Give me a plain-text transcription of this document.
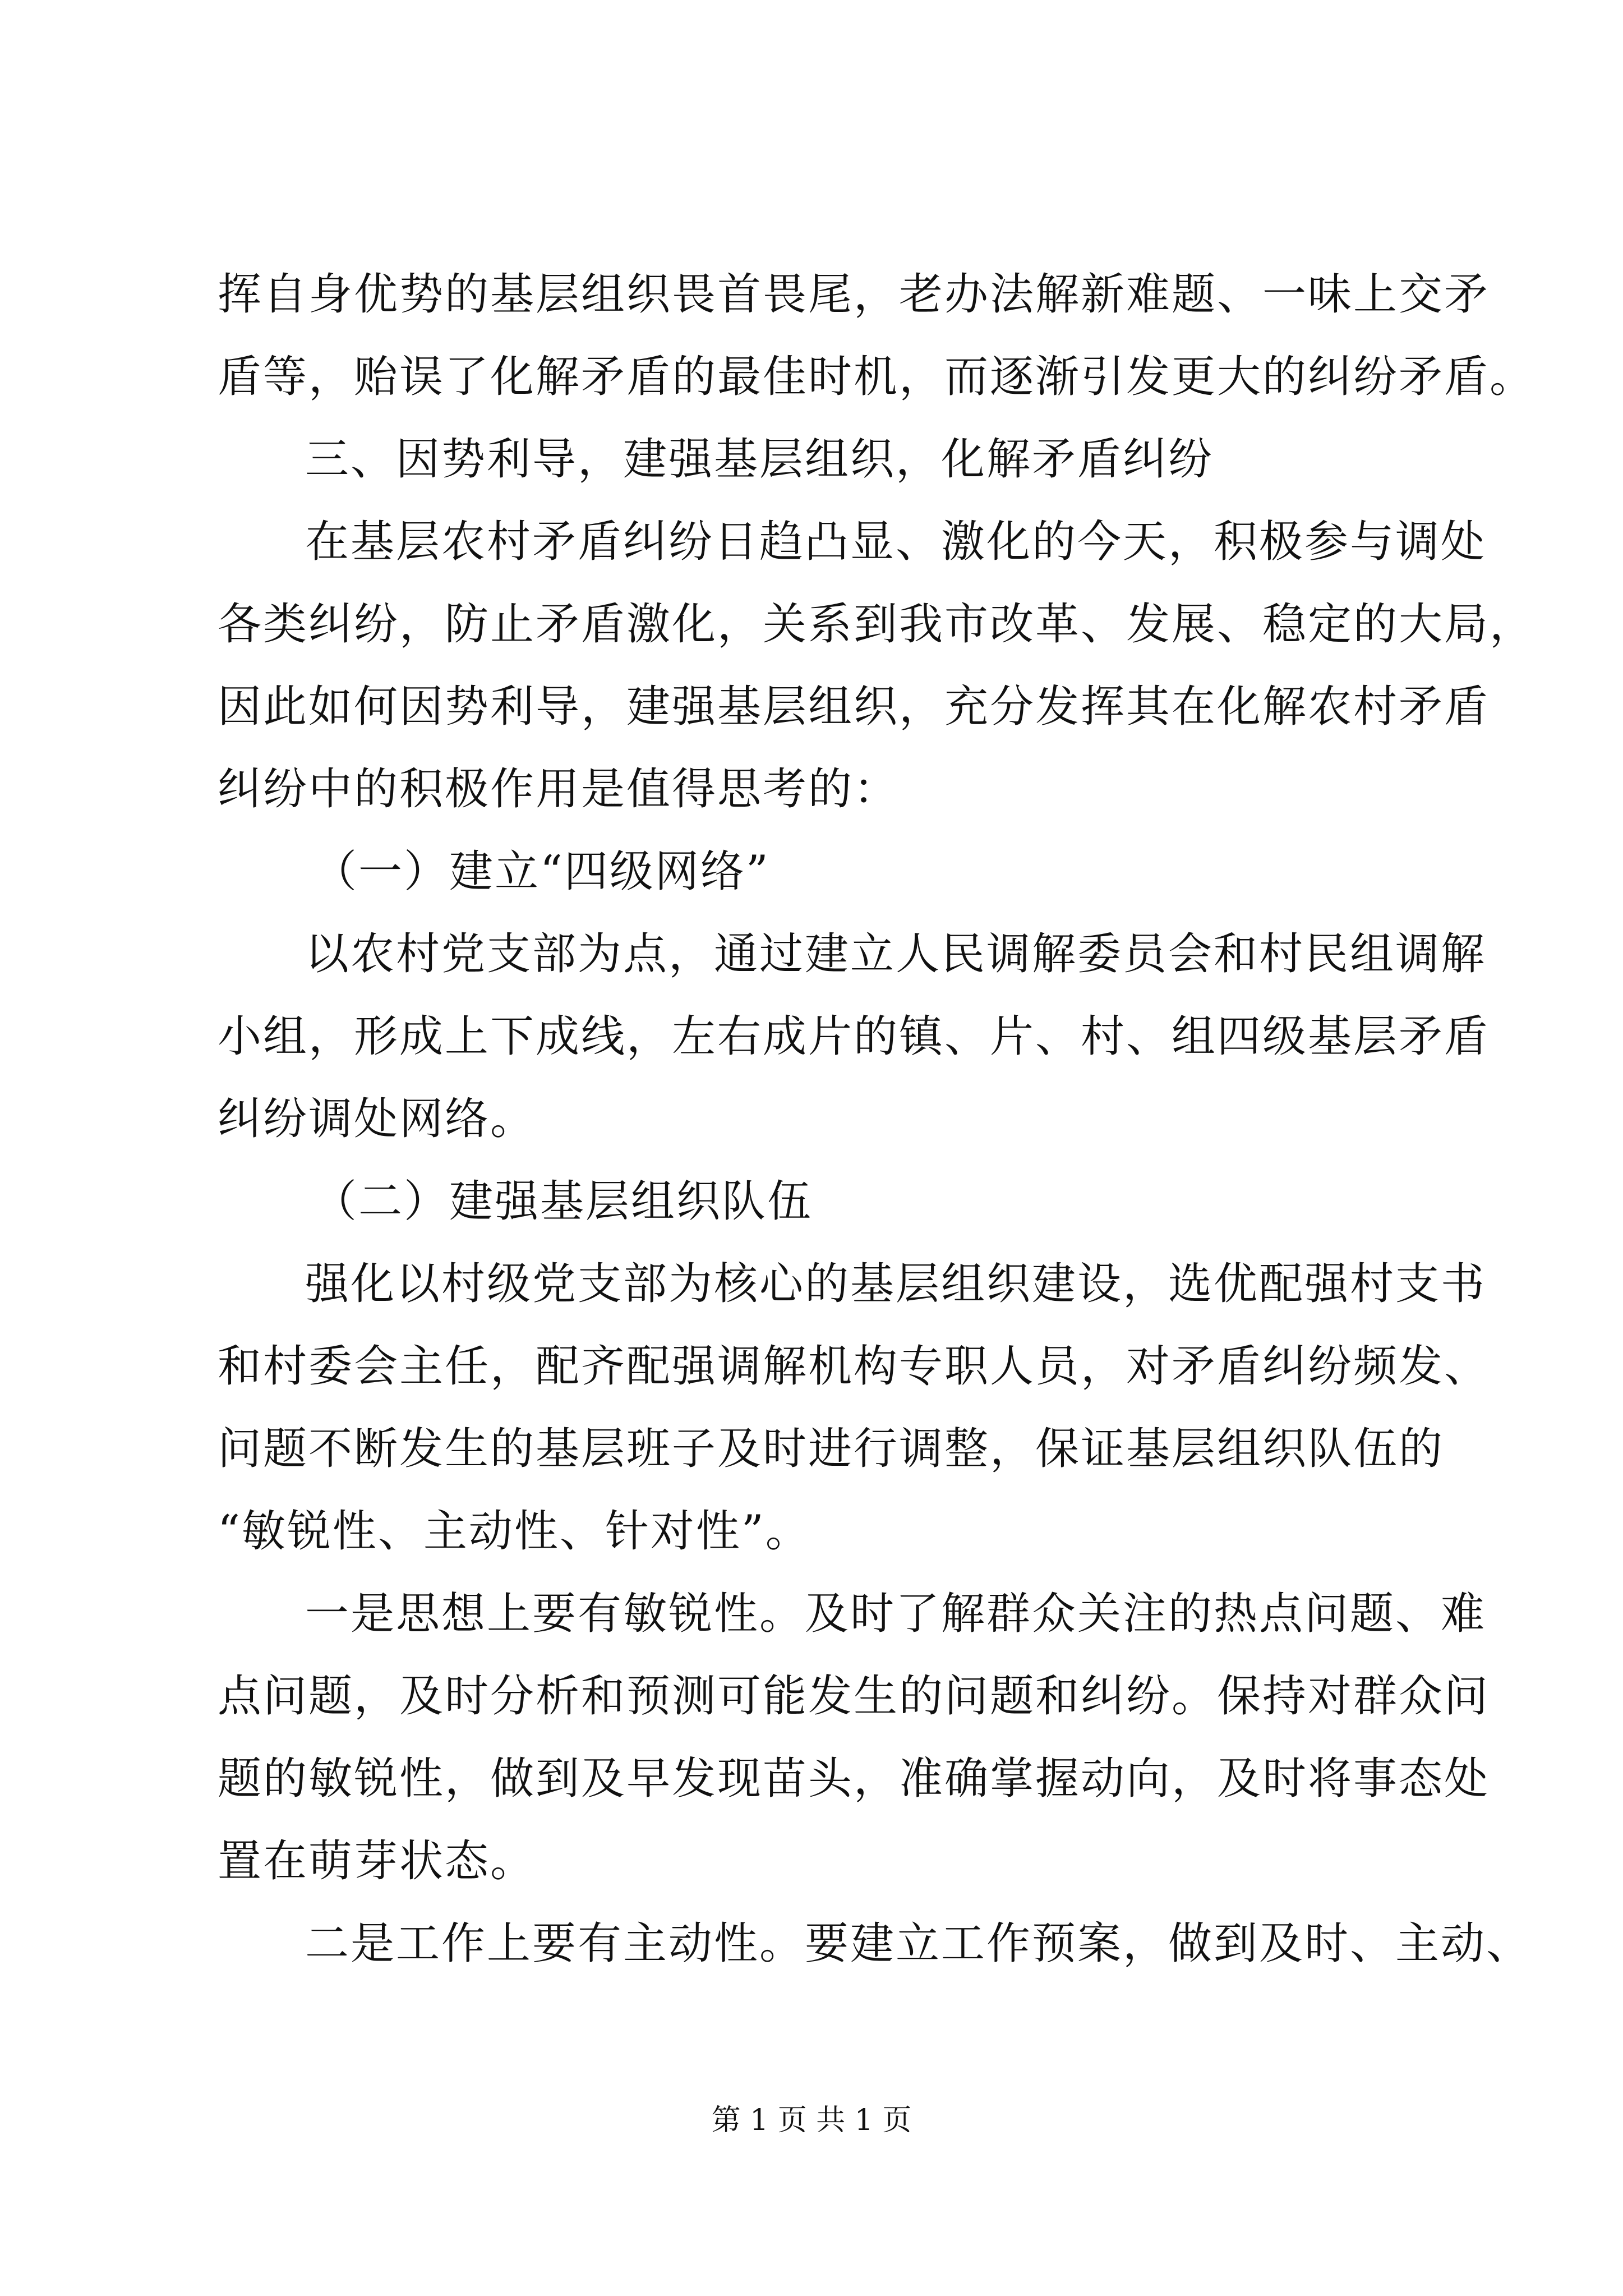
挥自身优势的基层组织畏首畏尾，老办法解新难题、一味上交矛
盾等，贻误了化解矛盾的最佳时机，而逐渐引发更大的纠纷矛盾。
三、因势利导，建强基层组织，化解矛盾纠纷
在基层农村矛盾纠纷日趋凸显、激化的今天，积极参与调处
各类纠纷，防止矛盾激化，关系到我市改革、发展、稳定的大局，
因此如何因势利导，建强基层组织，充分发挥其在化解农村矛盾
纠纷中的积极作用是值得思考的：
（一）建立“四级网络”
以农村党支部为点，通过建立人民调解委员会和村民组调解
小组，形成上下成线，左右成片的镇、片、村、组四级基层矛盾
纠纷调处网络。
（二）建强基层组织队伍
强化以村级党支部为核心的基层组织建设，选优配强村支书
和村委会主任，配齐配强调解机构专职人员，对矛盾纠纷频发、
问题不断发生的基层班子及时进行调整，保证基层组织队伍的
“敏锐性、主动性、针对性”。
一是思想上要有敏锐性。及时了解群众关注的热点问题、难
点问题，及时分析和预测可能发生的问题和纠纷。保持对群众问
题的敏锐性，做到及早发现苗头，准确掌握动向，及时将事态处
置在萌芽状态。
二是工作上要有主动性。要建立工作预案，做到及时、主动、
第 1 页 共 1 页
